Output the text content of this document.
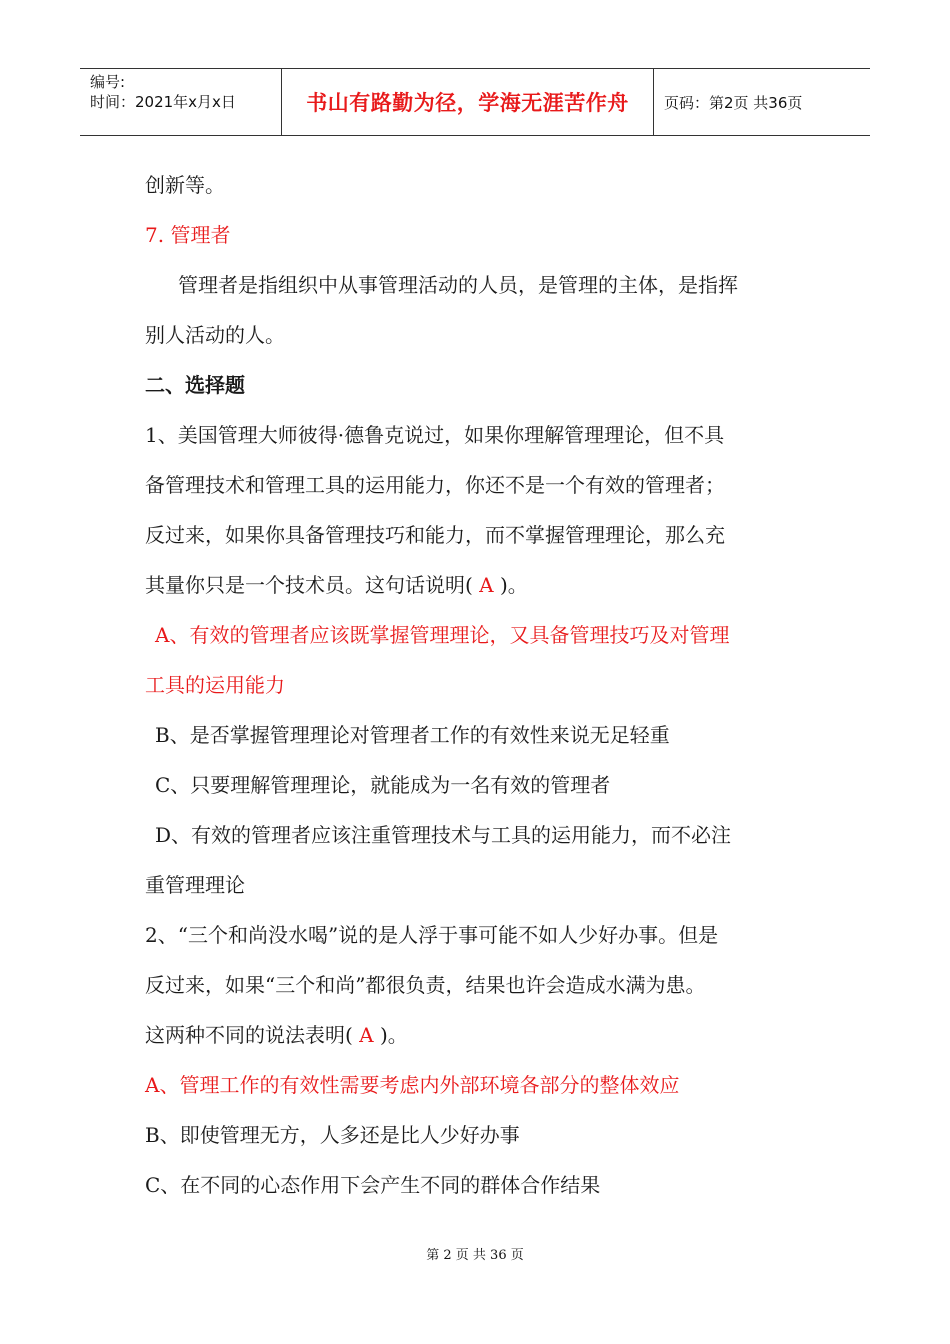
编号:
时间：2021年x月x日	书山有路勤为径，学海无涯苦作舟	页码：第2页 共36页
创新等。
7. 管理者
管理者是指组织中从事管理活动的人员，是管理的主体，是指挥
别人活动的人。
二、选择题
1、美国管理大师彼得·德鲁克说过，如果你理解管理理论，但不具
备管理技术和管理工具的运用能力，你还不是一个有效的管理者；
反过来，如果你具备管理技巧和能力，而不掌握管理理论，那么充
其量你只是一个技术员。这句话说明( A )。
A、有效的管理者应该既掌握管理理论，又具备管理技巧及对管理
工具的运用能力
B、是否掌握管理理论对管理者工作的有效性来说无足轻重
C、只要理解管理理论，就能成为一名有效的管理者
D、有效的管理者应该注重管理技术与工具的运用能力，而不必注
重管理理论
2、“三个和尚没水喝”说的是人浮于事可能不如人少好办事。但是
反过来，如果“三个和尚”都很负责，结果也许会造成水满为患。
这两种不同的说法表明( A )。
A、管理工作的有效性需要考虑内外部环境各部分的整体效应
B、即使管理无方，人多还是比人少好办事
C、在不同的心态作用下会产生不同的群体合作结果
第 2 页 共 36 页
